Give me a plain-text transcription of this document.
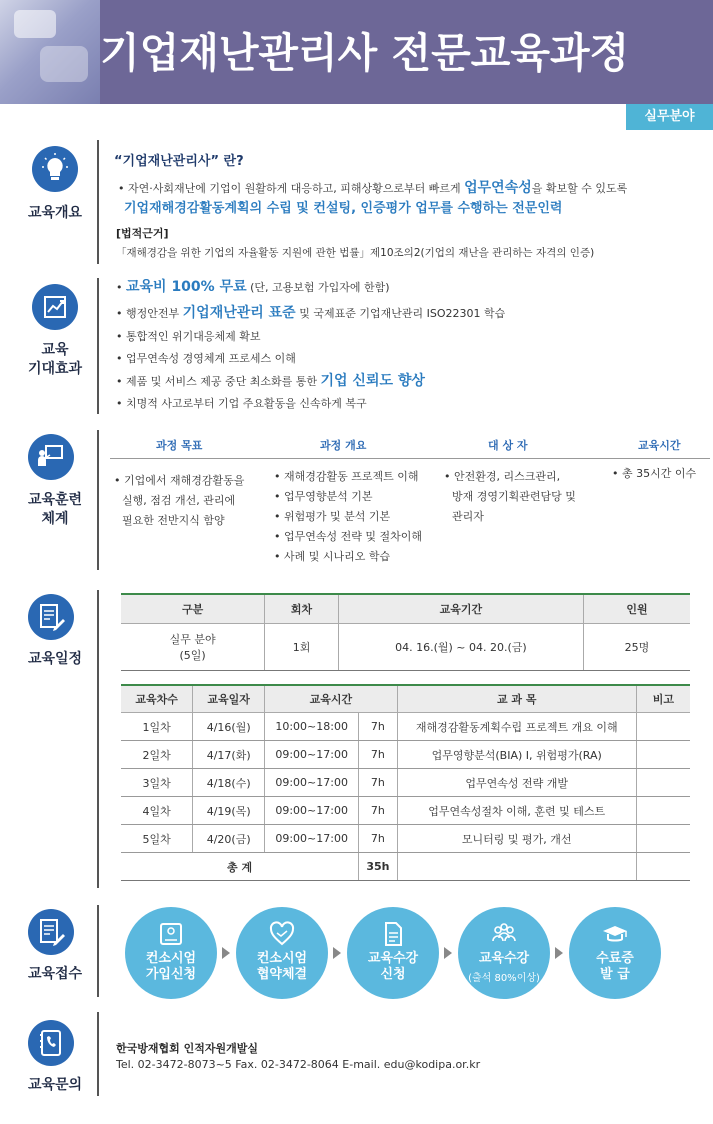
기업재난관리사 전문교육과정
실무분야
교육개요
“기업재난관리사” 란?
• 자연·사회재난에 기업이 원활하게 대응하고, 피해상황으로부터 빠르게 업무연속성을 확보할 수 있도록
기업재해경감활동계획의 수립 및 컨설팅, 인증평가 업무를 수행하는 전문인력
[법적근거]
「재해경감을 위한 기업의 자율활동 지원에 관한 법률」제10조의2(기업의 재난을 관리하는 자격의 인증)
교육
기대효과
• 교육비 100% 무료 (단, 고용보험 가입자에 한함)
• 행정안전부 기업재난관리 표준 및 국제표준 기업재난관리 ISO22301 학습
• 통합적인 위기대응체제 확보
• 업무연속성 경영체계 프로세스 이해
• 제품 및 서비스 제공 중단 최소화를 통한 기업 신뢰도 향상
• 치명적 사고로부터 기업 주요활동을 신속하게 복구
교육훈련
체계
과정 목표	과정 개요	대 상 자	교육시간
• 기업에서 재해경감활동을
실행, 점검 개선, 관리에
필요한 전반지식 함양
• 재해경감활동 프로젝트 이해
• 업무영향분석 기본
• 위험평가 및 분석 기본
• 업무연속성 전략 및 절차이해
• 사례 및 시나리오 학습
• 안전환경, 리스크관리,
방재 경영기획관련담당 및
관리자
• 총 35시간 이수
교육일정
구분	회차	교육기간	인원
실무 분야
(5일)	1회	04. 16.(월) ~ 04. 20.(금)	25명
교육차수	교육일자	교육시간		교 과 목	비고
1일차	4/16(월)	10:00~18:00	7h	재해경감활동계획수립 프로젝트 개요 이해	
2일차	4/17(화)	09:00~17:00	7h	업무영향분석(BIA) Ⅰ, 위험평가(RA)	
3일차	4/18(수)	09:00~17:00	7h	업무연속성 전략 개발	
4일차	4/19(목)	09:00~17:00	7h	업무연속성절차 이해, 훈련 및 테스트	
5일차	4/20(금)	09:00~17:00	7h	모니터링 및 평가, 개선	
총 계			35h		
교육접수
컨소시엄
가입신청
컨소시엄
협약체결
교육수강
신청
교육수강
(출석 80%이상)
수료증
발 급
교육문의
한국방재협회 인적자원개발실
Tel. 02-3472-8073~5 Fax. 02-3472-8064 E-mail. edu@kodipa.or.kr
